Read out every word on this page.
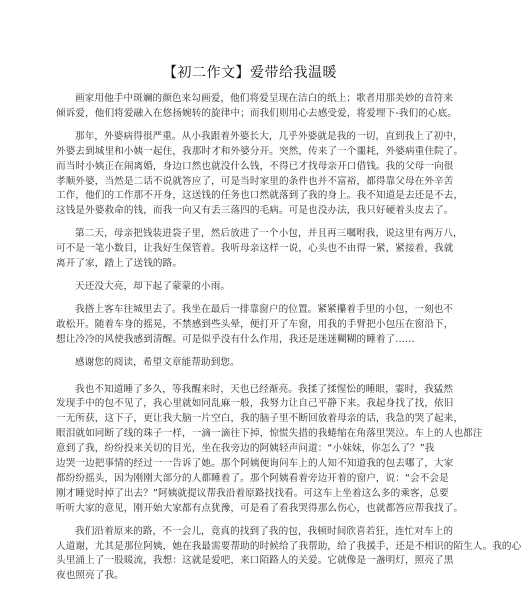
【初二作文】爱带给我温暖
画家用他手中斑斓的颜色来勾画爱，他们将爱呈现在洁白的纸上；歌者用那美妙的音符来
倾诉爱，他们将爱融入在悠扬婉转的旋律中；而我们则用心去感受爱，将爱埋下-我们的心底。
那年，外婆病得很严重。从小我跟着外婆长大，几乎外婆就是我的一切，直到我上了初中，
外婆去到城里和小姨一起住，我那时才和外婆分开。突然，传来了一个噩耗，外婆病重住院了。
而当时小姨正在闹离婚，身边口然也就没什么钱，不得已才找母亲开口借钱。我的父母一向很
孝顺外婆，当然是二话不说就答应了，可是当时家里的条件也并不富裕，都得靠父母在外辛苦
工作，他们的工作那不开身，这送钱的任务也口然就落到了我的身上。我不知道是去还是不去，
这钱是外婆救命的钱，而我一向又有丢三落四的毛病。可是也没办法，我只好硬着头皮去了。
第二天，母亲把钱装进袋子里，然后放进了一个小包，并且再三嘱咐我，说这里有两万八，
可不是一笔小数目，让我好生保管着。我听母亲这样一说，心头也不由得一紧，紧接着，我就
离开了家，踏上了送钱的路。
天还没大亮，却下起了蒙蒙的小雨。
我搭上客车往城里去了。我坐在最后一排靠窗户的位置。紧紧攥着手里的小包，一刻也不
敢松开。随着车身的摇晃，不禁感到些头晕，便打开了车窗，用我的手臂把小包压在窗沿下，
想让冷冷的风使我感到清醒。可是似乎没有什么作用，我还是迷迷糊糊的睡着了……
感谢您的阅读，希望文章能帮助到您。
我也不知道睡了多久，等我醒来时，天也已经渐亮。我揉了揉惺忪的睡眼，霎时，我猛然
发现手中的包不见了，我心里就如同乱麻一般，我努力让自己平静下来。我起身找了找，依旧
一无所获，这下子，更让我大脑一片空白，我的脑子里不断回放着母亲的话，我急的哭了起来，
眼泪就如同断了线的珠子一样，一滴一滴往下掉，惊慌失措的我蜷缩在角落里哭泣。车上的人也都注
意到了我，纷纷投来关切的目光，坐在我旁边的阿姨轻声问道：“小妹妹，你怎么了？”我
边哭一边把事情的经过一一告诉了她。那个阿姨便询问车上的人知不知道我的包去哪了，大家
都纷纷摇头，因为刚刚大部分的人都睡着了。那个阿姨看着旁边开着的窗户，说：“会不会是
刚才睡觉时掉了出去？”阿姨就提议帮我沿着原路找找看。可这车上坐着这么多的乘客，总要
听听大家的意见，刚开始大家都有点犹豫，可是看了看我哭得那么伤心，也就都答应帮我找了。
我们沿着原来的路，不一会儿，竟真的找到了我的包，我顿时间欣喜若狂，连忙对车上的
人道谢，尤其是那位阿姨，她在我最需要帮助的时候给了我帮助，给了我援手，还是不相识的陌生人。我的心
头里涌上了一股暖流，我想：这就是爱吧，来口陌路人的关爱。它就像是一盏明灯，照亮了黑
夜也照亮了我。
